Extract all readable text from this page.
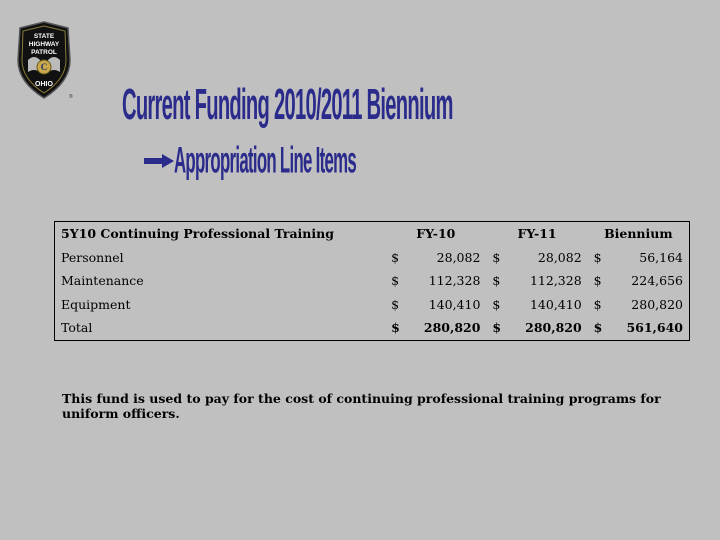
STATE
HIGHWAY
PATROL
C
OHIO
® Current Funding 2010/2011 Biennium
Appropriation Line Items
5Y10 Continuing Professional Training	FY-10		FY-11		Biennium	
Personnel	$	28,082	$	28,082	$	56,164
Maintenance	$	112,328	$	112,328	$	224,656
Equipment	$	140,410	$	140,410	$	280,820
Total	$	280,820	$	280,820	$	561,640

This fund is used to pay for the cost of continuing professional training programs for uniform officers.
